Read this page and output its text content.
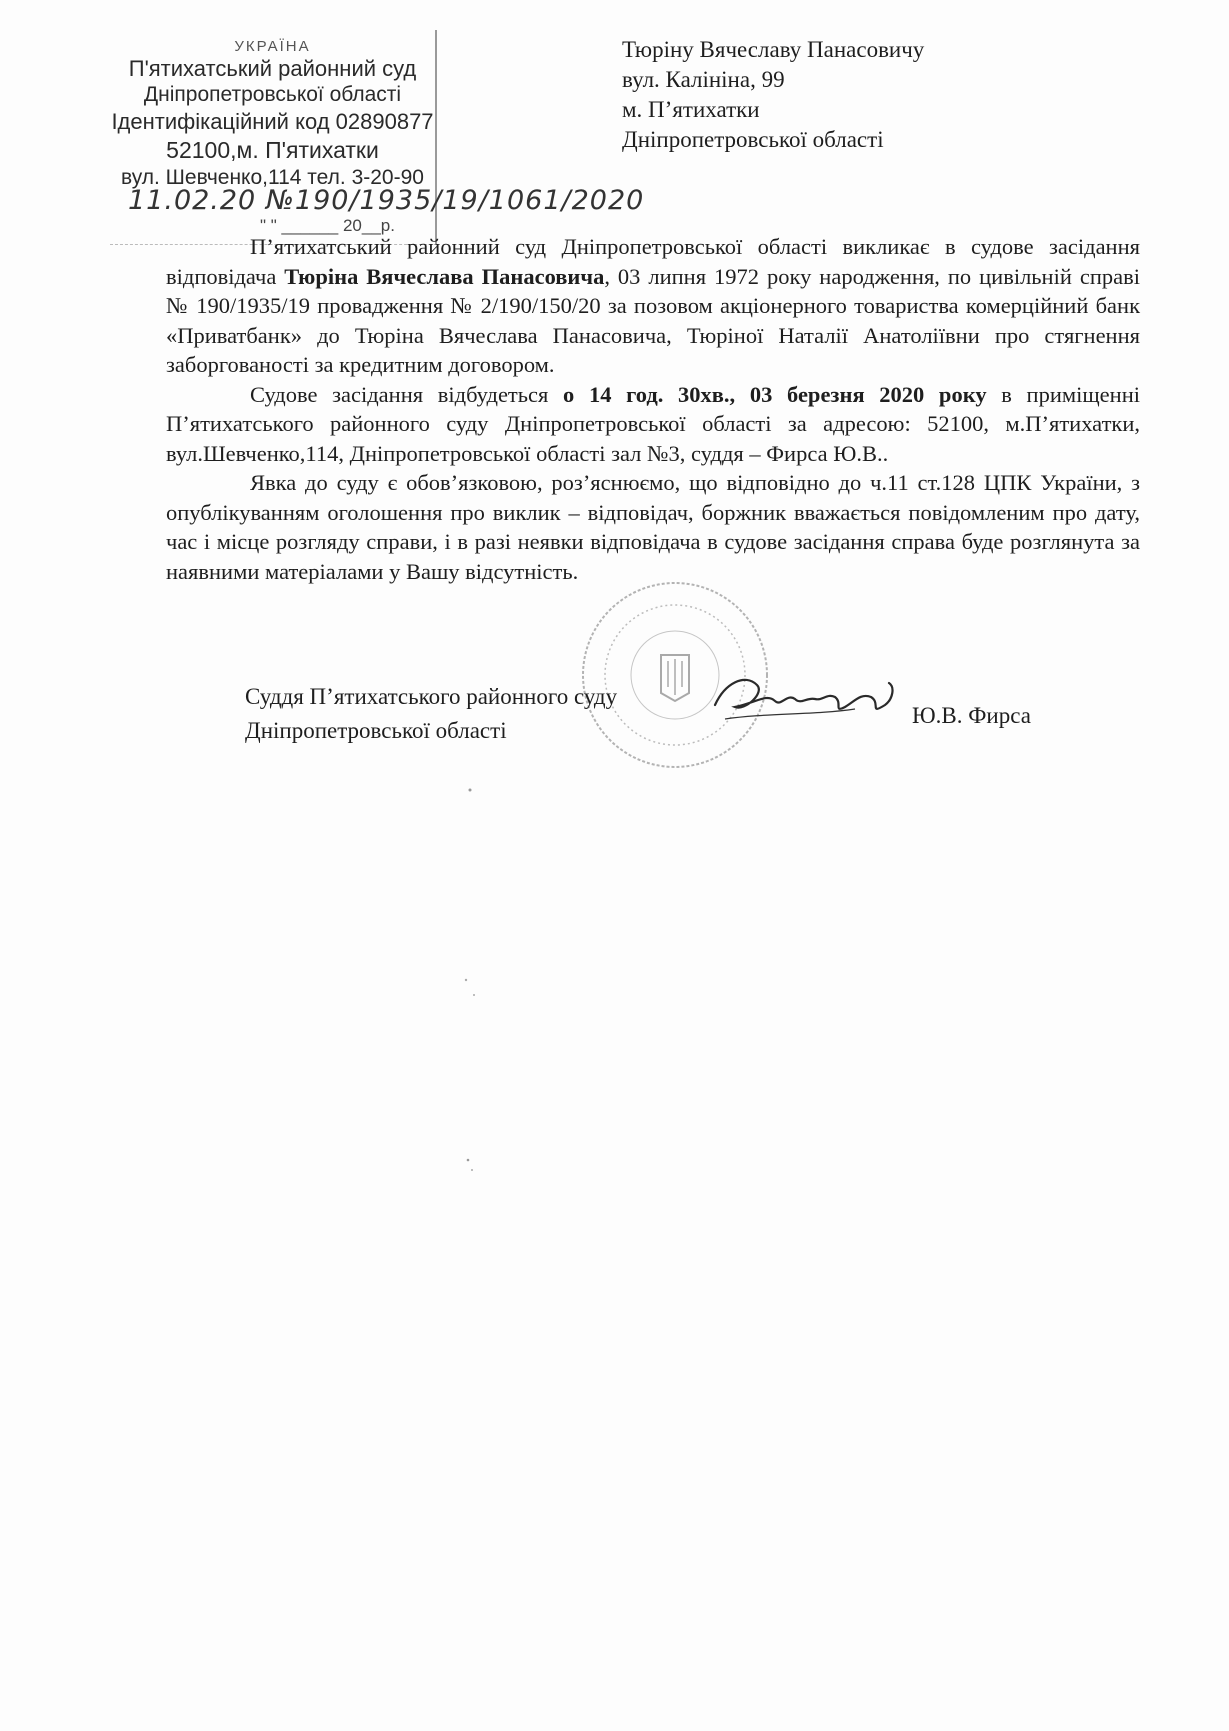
УКРАЇНА
П'ятихатський районний суд
Дніпропетровської області
Ідентифікаційний код 02890877
52100,м. П'ятихатки
вул. Шевченко,114 тел. 3-20-90
11.02.20 №190/1935/19/1061/2020
" " ______ 20__р.
Тюріну Вячеславу Панасовичу
вул. Калініна, 99
м. П’ятихатки
Дніпропетровської області

П’ятихатський районний суд Дніпропетровської області викликає в судове засідання відповідача Тюріна Вячеслава Панасовича, 03 липня 1972 року народження, по цивільній справі № 190/1935/19 провадження № 2/190/150/20 за позовом акціонерного товариства комерційний банк «Приватбанк» до Тюріна Вячеслава Панасовича, Тюріної Наталії Анатоліївни про стягнення заборгованості за кредитним договором.

Судове засідання відбудеться о 14 год. 30хв., 03 березня 2020 року в приміщенні П’ятихатського районного суду Дніпропетровської області за адресою: 52100, м.П’ятихатки, вул.Шевченко,114, Дніпропетровської області зал №3, суддя – Фирса Ю.В..

Явка до суду є обов’язковою, роз’яснюємо, що відповідно до ч.11 ст.128 ЦПК України, з опублікуванням оголошення про виклик – відповідач, боржник вважається повідомленим про дату, час і місце розгляду справи, і в разі неявки відповідача в судове засідання справа буде розглянута за наявними матеріалами у Вашу відсутність.

Суддя П’ятихатського районного суду
Дніпропетровської області
Ю.В. Фирса
